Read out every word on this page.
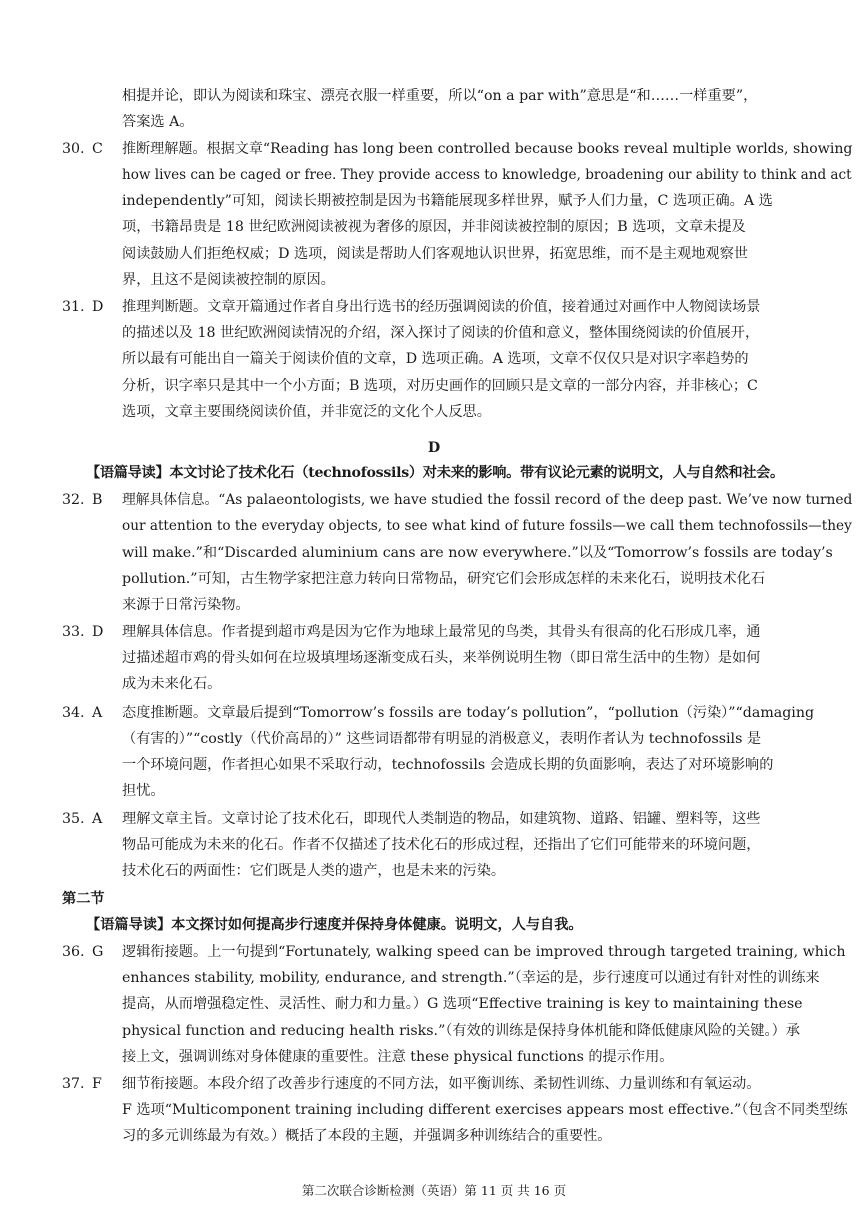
相提并论，即认为阅读和珠宝、漂亮衣服一样重要，所以“on a par with”意思是“和……一样重要”，
答案选 A。
30. C 推断理解题。根据文章“Reading has long been controlled because books reveal multiple worlds, showing
how lives can be caged or free. They provide access to knowledge, broadening our ability to think and act
independently”可知，阅读长期被控制是因为书籍能展现多样世界，赋予人们力量，C 选项正确。A 选
项，书籍昂贵是 18 世纪欧洲阅读被视为奢侈的原因，并非阅读被控制的原因；B 选项，文章未提及
阅读鼓励人们拒绝权威；D 选项，阅读是帮助人们客观地认识世界，拓宽思维，而不是主观地观察世
界，且这不是阅读被控制的原因。
31. D 推理判断题。文章开篇通过作者自身出行选书的经历强调阅读的价值，接着通过对画作中人物阅读场景
的描述以及 18 世纪欧洲阅读情况的介绍，深入探讨了阅读的价值和意义，整体围绕阅读的价值展开，
所以最有可能出自一篇关于阅读价值的文章，D 选项正确。A 选项，文章不仅仅只是对识字率趋势的
分析，识字率只是其中一个小方面；B 选项，对历史画作的回顾只是文章的一部分内容，并非核心；C
选项，文章主要围绕阅读价值，并非宽泛的文化个人反思。
D
【语篇导读】本文讨论了技术化石（technofossils）对未来的影响。带有议论元素的说明文，人与自然和社会。
32. B 理解具体信息。“As palaeontologists, we have studied the fossil record of the deep past. We’ve now turned
our attention to the everyday objects, to see what kind of future fossils—we call them technofossils—they
will make.”和“Discarded aluminium cans are now everywhere.”以及“Tomorrow’s fossils are today’s
pollution.”可知，古生物学家把注意力转向日常物品，研究它们会形成怎样的未来化石，说明技术化石
来源于日常污染物。
33. D 理解具体信息。作者提到超市鸡是因为它作为地球上最常见的鸟类，其骨头有很高的化石形成几率，通
过描述超市鸡的骨头如何在垃圾填埋场逐渐变成石头，来举例说明生物（即日常生活中的生物）是如何
成为未来化石。
34. A 态度推断题。文章最后提到“Tomorrow’s fossils are today’s pollution”，“pollution（污染）”“damaging
（有害的）”“costly（代价高昂的）” 这些词语都带有明显的消极意义，表明作者认为 technofossils 是
一个环境问题，作者担心如果不采取行动，technofossils 会造成长期的负面影响，表达了对环境影响的
担忧。
35. A 理解文章主旨。文章讨论了技术化石，即现代人类制造的物品，如建筑物、道路、铝罐、塑料等，这些
物品可能成为未来的化石。作者不仅描述了技术化石的形成过程，还指出了它们可能带来的环境问题，
技术化石的两面性：它们既是人类的遗产，也是未来的污染。
第二节
【语篇导读】本文探讨如何提高步行速度并保持身体健康。说明文，人与自我。
36. G 逻辑衔接题。上一句提到“Fortunately, walking speed can be improved through targeted training, which
enhances stability, mobility, endurance, and strength.”（幸运的是，步行速度可以通过有针对性的训练来
提高，从而增强稳定性、灵活性、耐力和力量。）G 选项“Effective training is key to maintaining these
physical function and reducing health risks.”（有效的训练是保持身体机能和降低健康风险的关键。）承
接上文，强调训练对身体健康的重要性。注意 these physical functions 的提示作用。
37. F 细节衔接题。本段介绍了改善步行速度的不同方法，如平衡训练、柔韧性训练、力量训练和有氧运动。
F 选项“Multicomponent training including different exercises appears most effective.”（包含不同类型练
习的多元训练最为有效。）概括了本段的主题，并强调多种训练结合的重要性。
第二次联合诊断检测（英语）第 11 页 共 16 页
